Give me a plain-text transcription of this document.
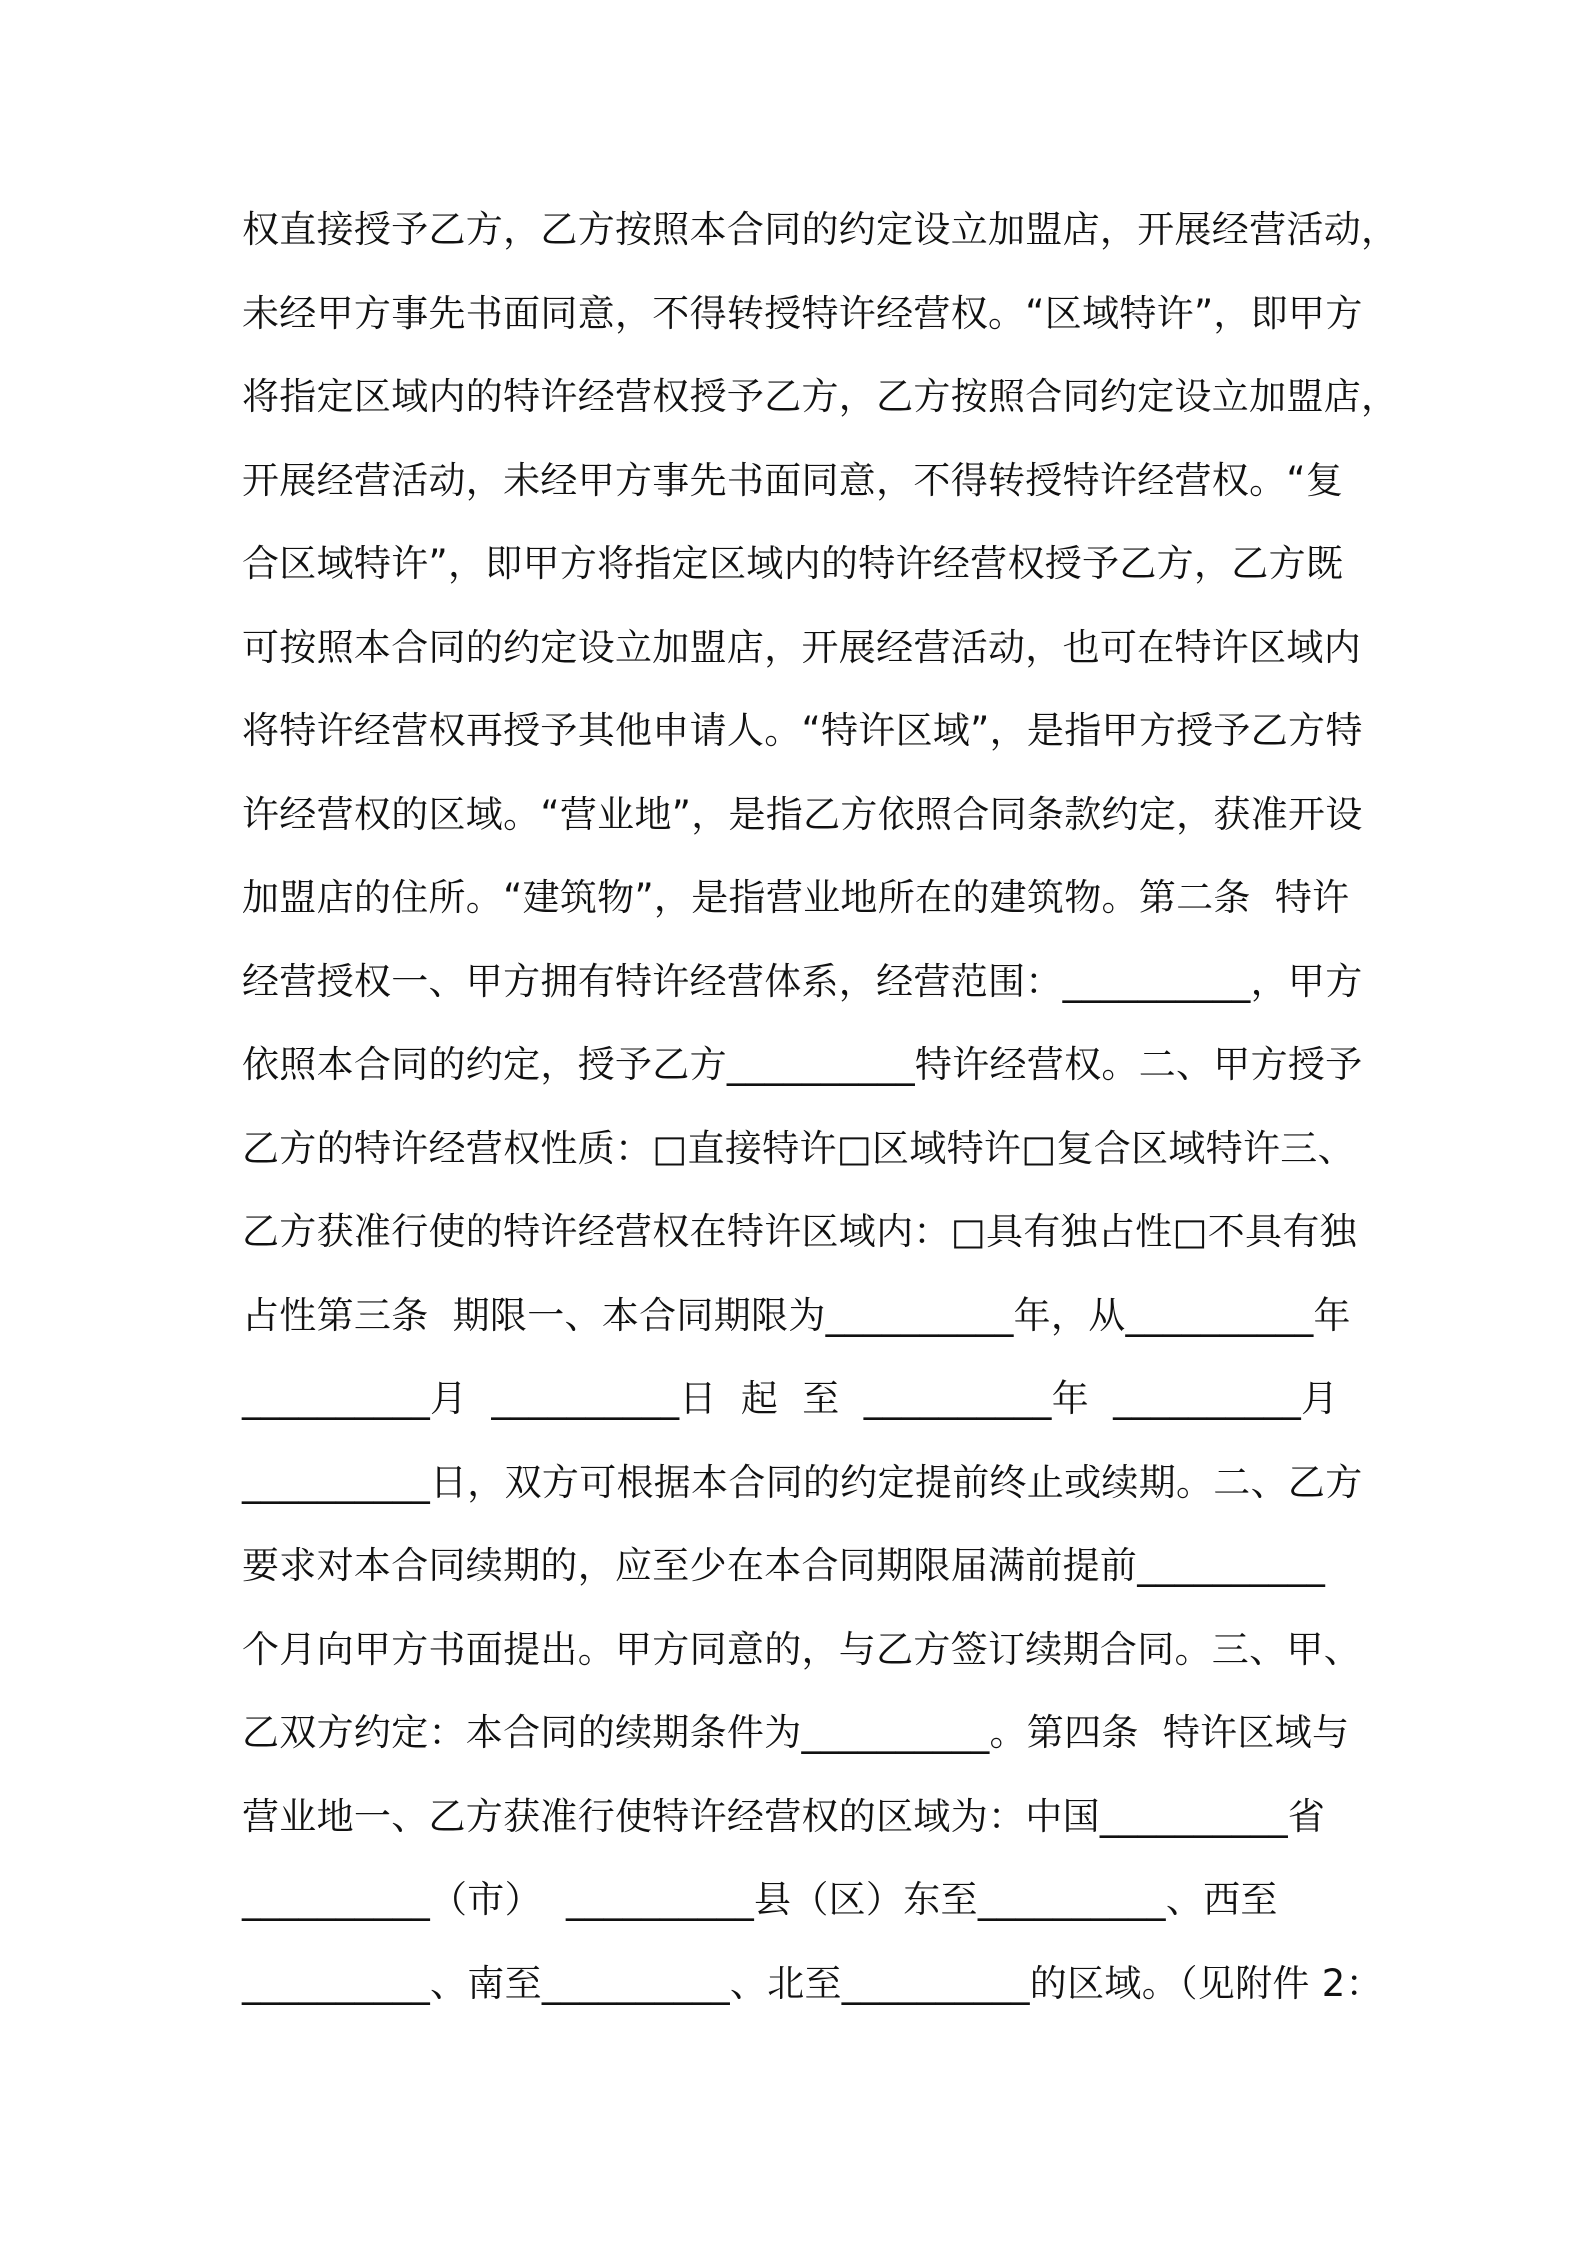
权直接授予乙方，乙方按照本合同的约定设立加盟店，开展经营活动，
未经甲方事先书面同意，不得转授特许经营权。“区域特许”，即甲方
将指定区域内的特许经营权授予乙方，乙方按照合同约定设立加盟店，
开展经营活动，未经甲方事先书面同意，不得转授特许经营权。“复
合区域特许”，即甲方将指定区域内的特许经营权授予乙方，乙方既
可按照本合同的约定设立加盟店，开展经营活动，也可在特许区域内
将特许经营权再授予其他申请人。“特许区域”，是指甲方授予乙方特
许经营权的区域。“营业地”，是指乙方依照合同条款约定，获准开设
加盟店的住所。“建筑物”，是指营业地所在的建筑物。第二条  特许
经营授权一、甲方拥有特许经营体系，经营范围：__________，甲方
依照本合同的约定，授予乙方__________特许经营权。二、甲方授予
乙方的特许经营权性质：□直接特许□区域特许□复合区域特许三、
乙方获准行使的特许经营权在特许区域内：□具有独占性□不具有独
占性第三条  期限一、本合同期限为__________年，从__________年
__________月  __________日  起  至  __________年  __________月
__________日，双方可根据本合同的约定提前终止或续期。二、乙方
要求对本合同续期的，应至少在本合同期限届满前提前__________
个月向甲方书面提出。甲方同意的，与乙方签订续期合同。三、甲、
乙双方约定：本合同的续期条件为__________。第四条  特许区域与
营业地一、乙方获准行使特许经营权的区域为：中国__________省
__________（市）  __________县（区）东至__________、西至
__________、南至__________、北至__________的区域。（见附件 2：
